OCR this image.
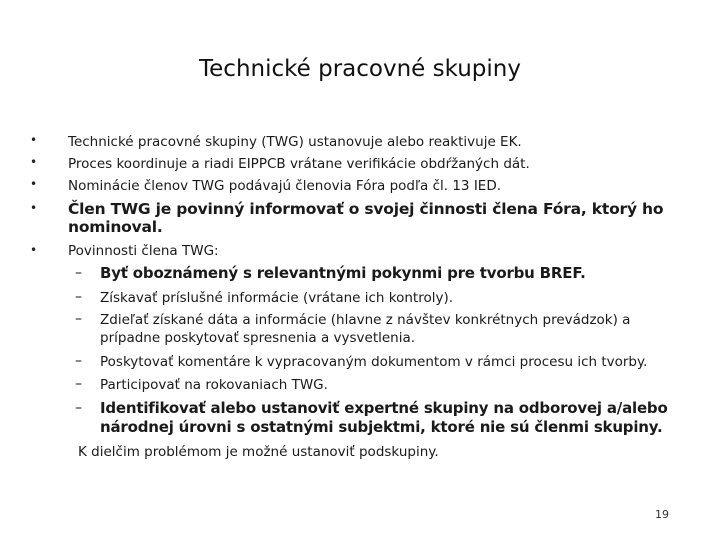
Technické pracovné skupiny
• Technické pracovné skupiny (TWG) ustanovuje alebo reaktivuje EK.

• Proces koordinuje a riadi EIPPCB vrátane verifikácie obdŕžaných dát.

• Nominácie členov TWG podávajú členovia Fóra podľa čl. 13 IED.

• Člen TWG je povinný informovať o svojej činnosti člena Fóra, ktorý ho nominoval.

• Povinnosti člena TWG:

– Byť oboznámený s relevantnými pokynmi pre tvorbu BREF.

– Získavať príslušné informácie (vrátane ich kontroly).

– Zdieľať získané dáta a informácie (hlavne z návštev konkrétnych prevádzok) a prípadne poskytovať spresnenia a vysvetlenia.

– Poskytovať komentáre k vypracovaným dokumentom v rámci procesu ich tvorby.

– Participovať na rokovaniach TWG.

– Identifikovať alebo ustanoviť expertné skupiny na odborovej a/alebo národnej úrovni s ostatnými subjektmi, ktoré nie sú členmi skupiny.

K dielčim problémom je možné ustanoviť podskupiny.

19
